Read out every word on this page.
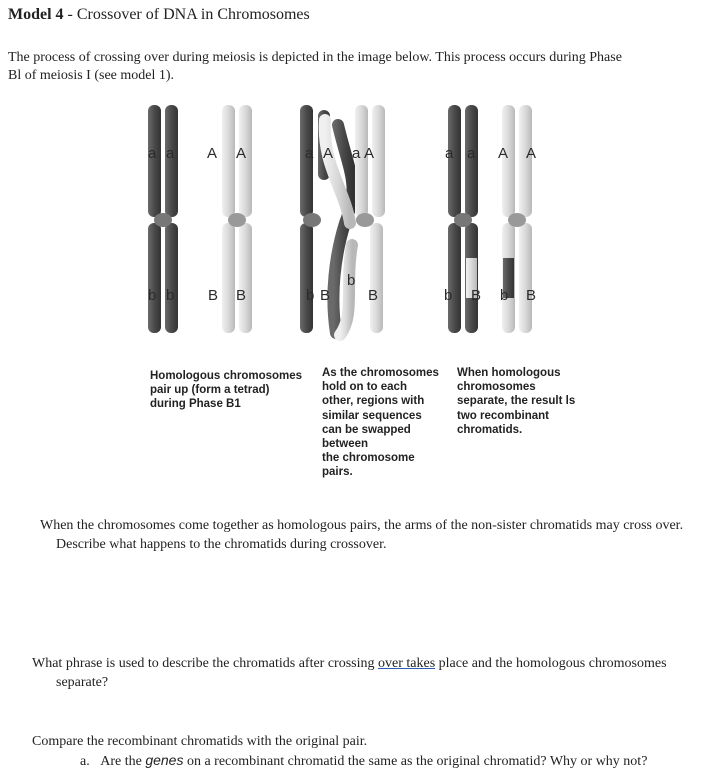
Model 4 - Crossover of DNA in Chromosomes
The process of crossing over during meiosis is depicted in the image below. This process occurs during Phase
Bl of meiosis I (see model 1).
a a A A
b b B B
a A a A
b B
b
B
a a A A
b B b B
Homologous chromosomes
pair up (form a tetrad)
during Phase B1
As the chromosomes
hold on to each
other, regions with
similar sequences
can be swapped
between
the chromosome
pairs.
When homologous
chromosomes
separate, the result ls
two recombinant
chromatids.
When the chromosomes come together as homologous pairs, the arms of the non-sister chromatids may cross over.
Describe what happens to the chromatids during crossover.
What phrase is used to describe the chromatids after crossing over takes place and the homologous chromosomes
separate?
Compare the recombinant chromatids with the original pair.
a. Are the genes on a recombinant chromatid the same as the original chromatid? Why or why not?
